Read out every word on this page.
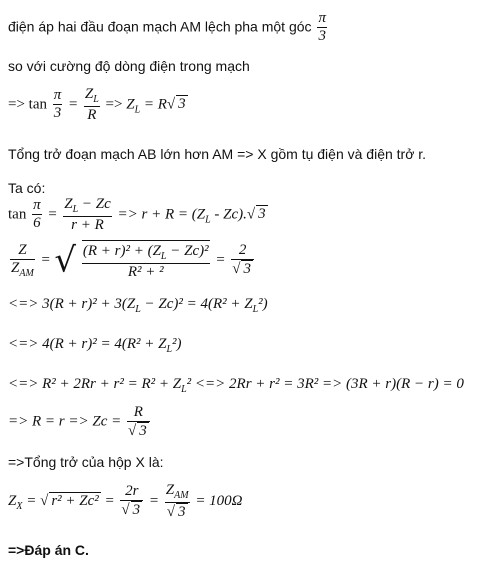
điện áp hai đầu đoạn mạch AM lệch pha một góc $\frac{\pi}{3}$
so với cường độ dòng điện trong mạch
=> $\tan \frac{\pi}{3} = \frac{Z_L}{R} => Z_L = R√$ 3
Tổng trở đoạn mạch AB lớn hơn AM => X gồm tụ điện và điện trở r.
Ta có:
$\tan \frac{\pi}{6} = \frac{Z_L - Zc}{r + R} => r + R = (Z_L - Zc).√$ 3
$\frac{Z}{Z_{AM}}$ = √ $\frac{(R + r)^2 + (Z_L - Zc)^2}{\text{R² + ²}} = \frac{2}{√ 3}$
<=> $3(R + r)^2 + 3(Z_L - Zc)^2 = 4(R^2 + Z_L^2)$
<=> $4(R + r)^2 = 4(R^2 + Z_L^2)$
<=> $R^2 + 2Rr + r^2 = R^2 + Z_L^2$ <=> 2Rr + r² = 3R² => (3R + r)(R − r) = 0
=> $R = r => Zc = \frac{R}{√ 3}$
=>Tổng trở của hộp X là:
$Z_X$ = √ $r^2 + Zc^2 = \frac{2r}{√ 3} = \frac{Z_{AM}}{√ 3} = 100\Omega$
=>Đáp án C.
